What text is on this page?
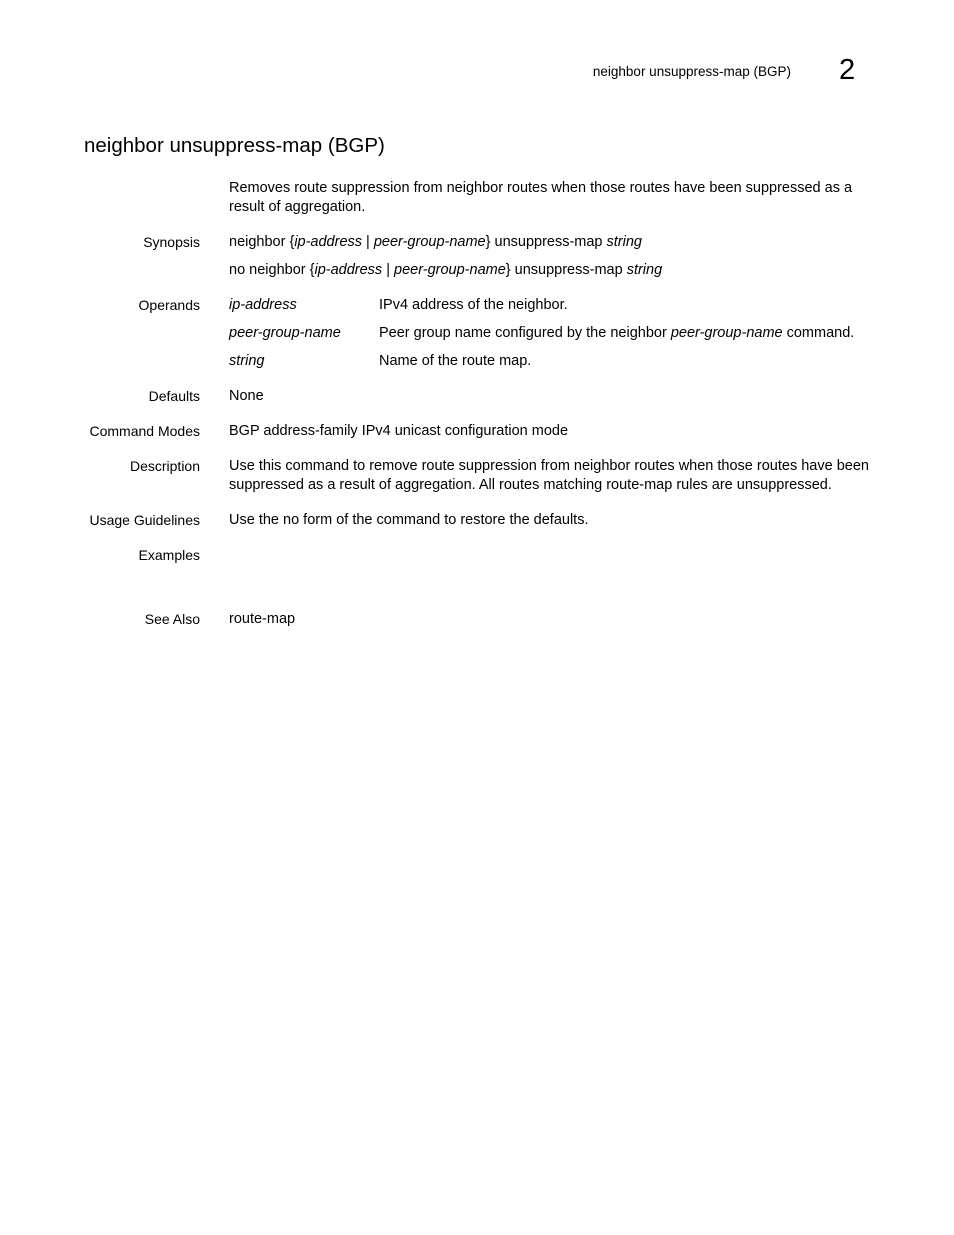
neighbor unsuppress-map (BGP) 2
neighbor unsuppress-map (BGP)
Removes route suppression from neighbor routes when those routes have been suppressed as a result of aggregation.
Synopsis neighbor {ip-address | peer-group-name} unsuppress-map string
no neighbor {ip-address | peer-group-name} unsuppress-map string
Operands ip-address	IPv4 address of the neighbor.
peer-group-name	Peer group name configured by the neighbor peer-group-name command.
string	Name of the route map.
Defaults None
Command Modes BGP address-family IPv4 unicast configuration mode
Description Use this command to remove route suppression from neighbor routes when those routes have been suppressed as a result of aggregation. All routes matching route-map rules are unsuppressed.
Usage Guidelines Use the no form of the command to restore the defaults.
Examples
See Also route-map
